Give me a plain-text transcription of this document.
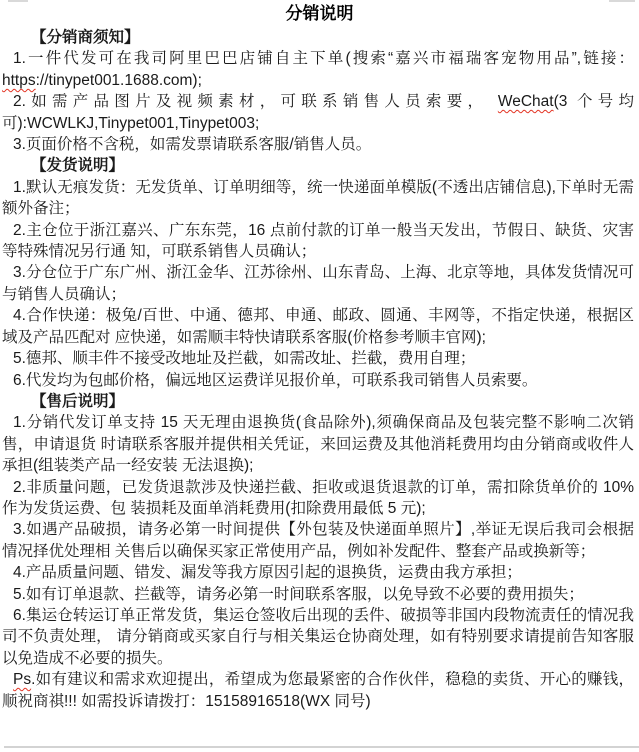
分销说明
【分销商须知】

1.一件代发可在我司阿里巴巴店铺自主下单(搜索“嘉兴市福瑞客宠物用品”,链接：https://tinypet001.1688.com);

2.如需产品图片及视频素材，可联系销售人员索要， WeChat(3 个号均可):WCWLKJ,Tinypet001,Tinypet003;

3.页面价格不含税，如需发票请联系客服/销售人员。

【发货说明】

1.默认无痕发货：无发货单、订单明细等，统一快递面单模版(不透出店铺信息),下单时无需额外备注；

2.主仓位于浙江嘉兴、广东东莞，16 点前付款的订单一般当天发出，节假日、缺货、灾害等特殊情况另行通 知，可联系销售人员确认；

3.分仓位于广东广州、浙江金华、江苏徐州、山东青岛、上海、北京等地，具体发货情况可与销售人员确认；

4.合作快递：极兔/百世、中通、德邦、申通、邮政、圆通、丰网等，不指定快递，根据区域及产品匹配对 应快递，如需顺丰特快请联系客服(价格参考顺丰官网);

5.德邦、顺丰件不接受改地址及拦截，如需改址、拦截，费用自理；

6.代发均为包邮价格，偏远地区运费详见报价单，可联系我司销售人员索要。

【售后说明】

1.分销代发订单支持 15 天无理由退换货(食品除外),须确保商品及包装完整不影响二次销售，申请退货 时请联系客服并提供相关凭证，来回运费及其他消耗费用均由分销商或收件人承担(组装类产品一经安装 无法退换);

2.非质量问题，已发货退款涉及快递拦截、拒收或退货退款的订单，需扣除货单价的 10%作为发货运费、包 装损耗及面单消耗费用(扣除费用最低 5 元);

3.如遇产品破损，请务必第一时间提供【外包装及快递面单照片】,举证无误后我司会根据情况择优处理相 关售后以确保买家正常使用产品，例如补发配件、整套产品或换新等；

4.产品质量问题、错发、漏发等我方原因引起的退换货，运费由我方承担；

5.如有订单退款、拦截等，请务必第一时间联系客服，以免导致不必要的费用损失；

6.集运仓转运订单正常发货，集运仓签收后出现的丢件、破损等非国内段物流责任的情况我司不负责处理， 请分销商或买家自行与相关集运仓协商处理，如有特别要求请提前告知客服以免造成不必要的损失。

Ps.如有建议和需求欢迎提出，希望成为您最紧密的合作伙伴，稳稳的卖货、开心的赚钱，顺祝商祺!!! 如需投诉请拨打：15158916518(WX 同号)
